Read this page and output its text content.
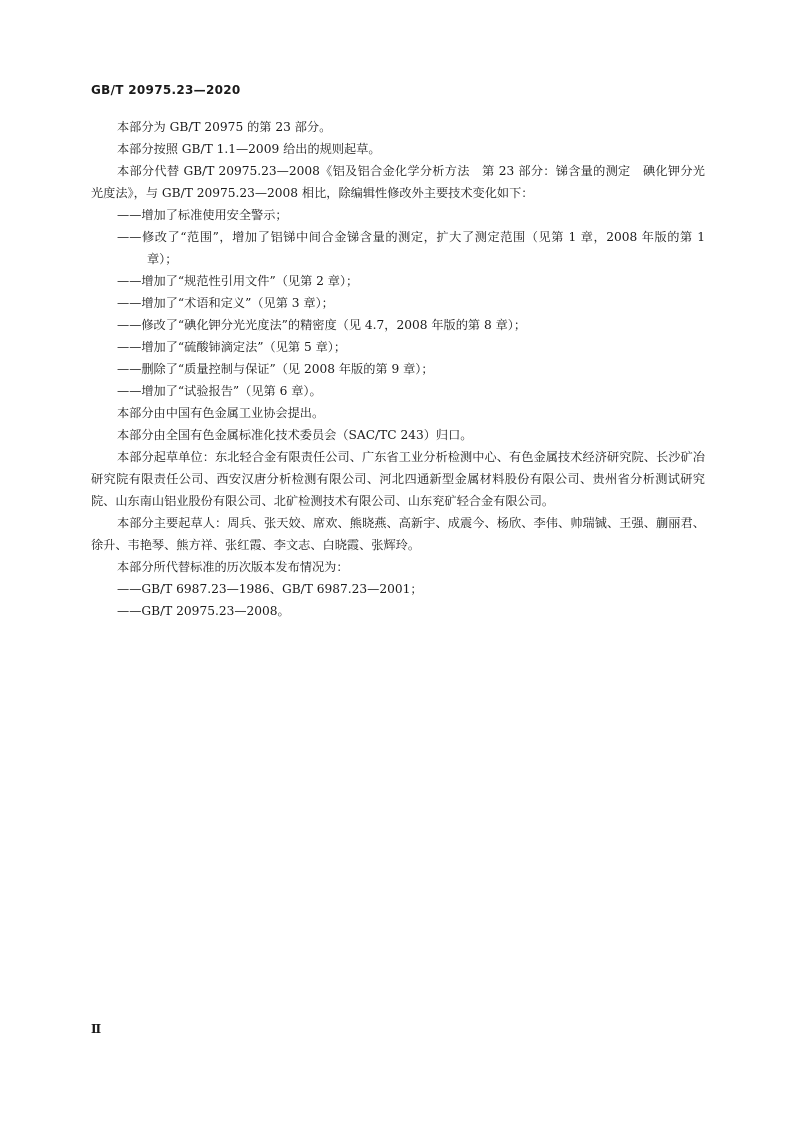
GB/T 20975.23—2020

本部分为 GB/T 20975 的第 23 部分。

本部分按照 GB/T 1.1—2009 给出的规则起草。

本部分代替 GB/T 20975.23—2008《铝及铝合金化学分析方法　第 23 部分：锑含量的测定　碘化钾分光光度法》，与 GB/T 20975.23—2008 相比，除编辑性修改外主要技术变化如下：

——增加了标准使用安全警示；

——修改了“范围”，增加了铝锑中间合金锑含量的测定，扩大了测定范围（见第 1 章，2008 年版的第 1 章）；

——增加了“规范性引用文件”（见第 2 章）；

——增加了“术语和定义”（见第 3 章）；

——修改了“碘化钾分光光度法”的精密度（见 4.7，2008 年版的第 8 章）；

——增加了“硫酸铈滴定法”（见第 5 章）；

——删除了“质量控制与保证”（见 2008 年版的第 9 章）；

——增加了“试验报告”（见第 6 章）。

本部分由中国有色金属工业协会提出。

本部分由全国有色金属标准化技术委员会（SAC/TC 243）归口。

本部分起草单位：东北轻合金有限责任公司、广东省工业分析检测中心、有色金属技术经济研究院、长沙矿冶研究院有限责任公司、西安汉唐分析检测有限公司、河北四通新型金属材料股份有限公司、贵州省分析测试研究院、山东南山铝业股份有限公司、北矿检测技术有限公司、山东兖矿轻合金有限公司。

本部分主要起草人：周兵、张天姣、席欢、熊晓燕、高新宇、成震今、杨欣、李伟、帅瑞铖、王强、蒯丽君、徐升、韦艳琴、熊方祥、张红霞、李文志、白晓霞、张辉玲。

本部分所代替标准的历次版本发布情况为：

——GB/T 6987.23—1986、GB/T 6987.23—2001；

——GB/T 20975.23—2008。

Ⅱ
